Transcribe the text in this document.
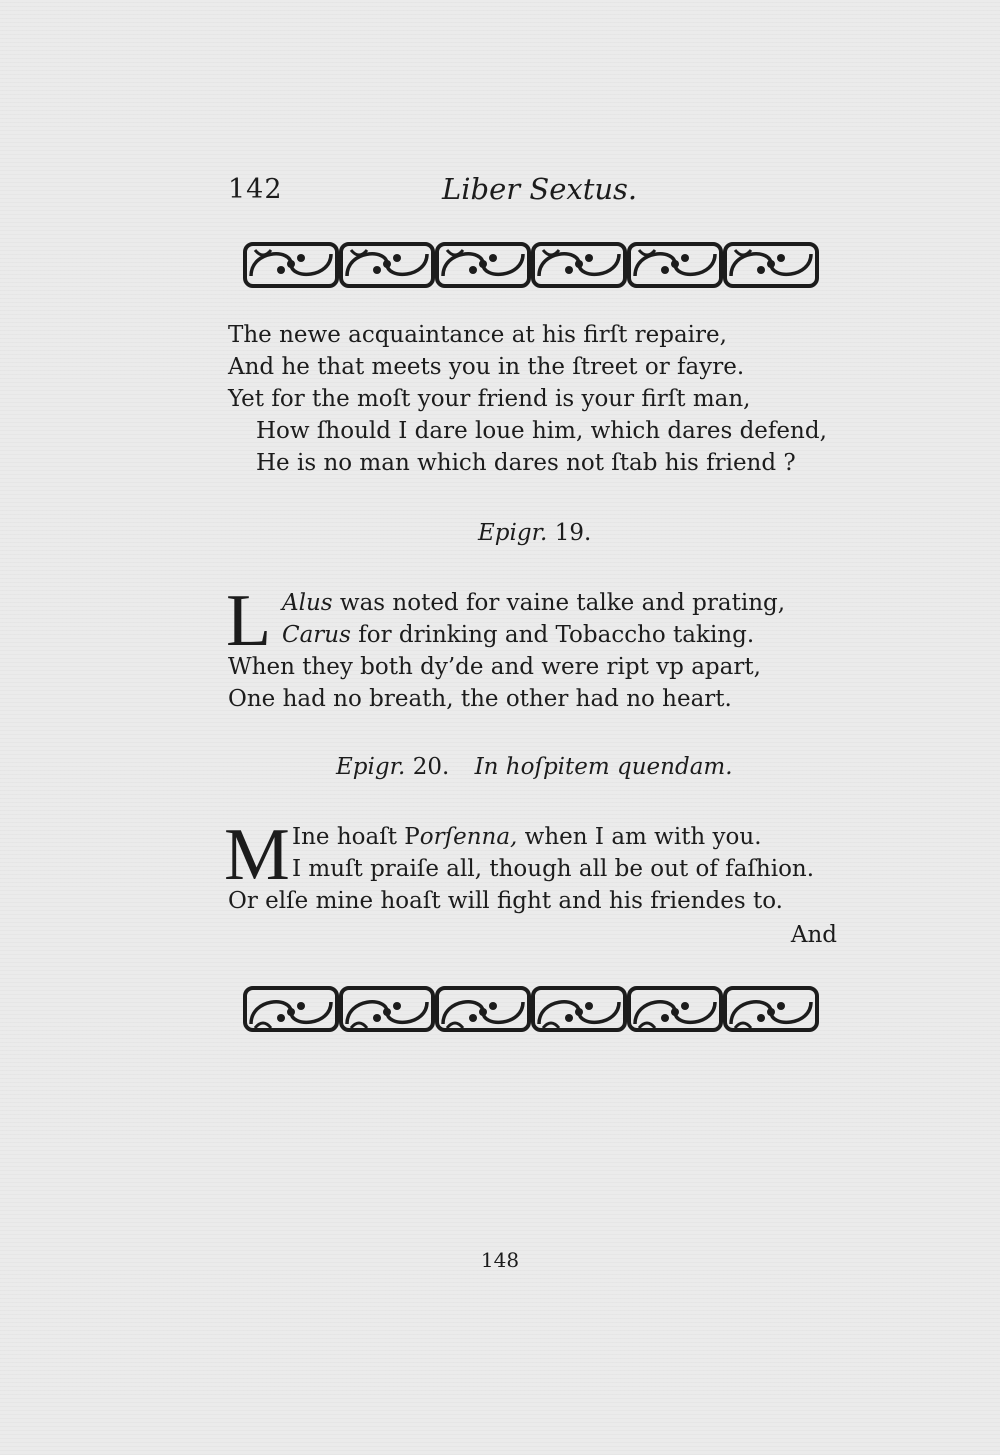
142	Liber Sextus.
The newe acquaintance at his firſt repaire,
And he that meets you in the ſtreet or fayre.
Yet for the moſt your friend is your firſt man,
How ſhould I dare loue him, which dares defend,
He is no man which dares not ſtab his friend ?
Epigr. 19.
L Alus was noted for vaine talke and prating,
Carus for drinking and Tobaccho taking.
When they both dy’de and were ript vp apart,
One had no breath, the other had no heart.
Epigr. 20. In hoſpitem quendam.
M Ine hoaſt Porſenna, when I am with you.
I muſt praiſe all, though all be out of faſhion.
Or elſe mine hoaſt will fight and his friendes to.
And
148
